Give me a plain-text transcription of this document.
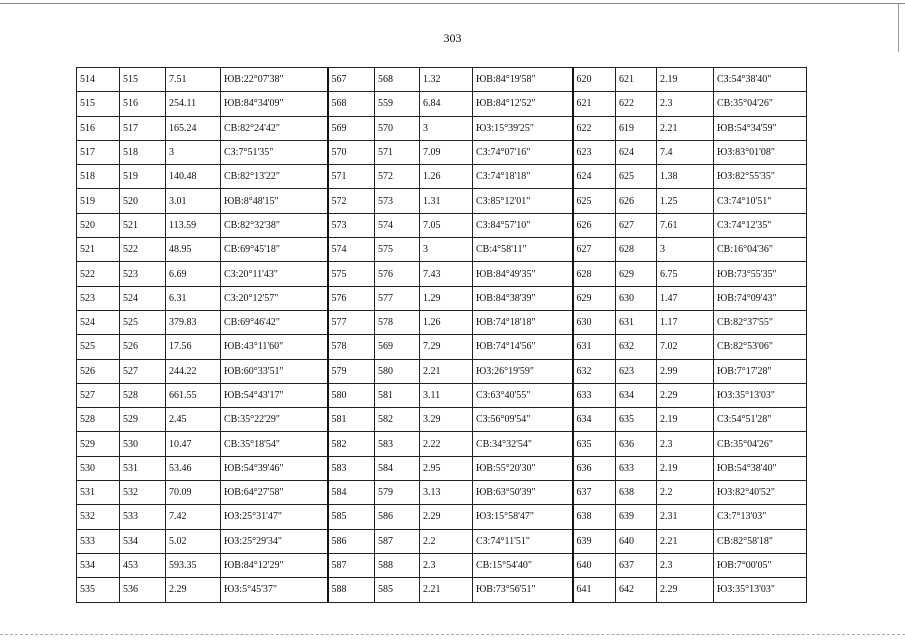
303
514	515	7.51	ЮВ:22°07'38"	567	568	1.32	ЮВ:84°19'58"	620	621	2.19	СЗ:54°38'40"
515	516	254.11	ЮВ:84°34'09"	568	559	6.84	ЮВ:84°12'52"	621	622	2.3	СВ:35°04'26"
516	517	165.24	СВ:82°24'42"	569	570	3	ЮЗ:15°39'25"	622	619	2.21	ЮВ:54°34'59"
517	518	3	СЗ:7°51'35"	570	571	7.09	СЗ:74°07'16"	623	624	7.4	ЮЗ:83°01'08"
518	519	140.48	СВ:82°13'22"	571	572	1.26	СЗ:74°18'18"	624	625	1.38	ЮЗ:82°55'35"
519	520	3.01	ЮВ:8°48'15"	572	573	1.31	СЗ:85°12'01"	625	626	1.25	СЗ:74°10'51"
520	521	113.59	СВ:82°32'38"	573	574	7.05	СЗ:84°57'10"	626	627	7.61	СЗ:74°12'35"
521	522	48.95	СВ:69°45'18"	574	575	3	СВ:4°58'11"	627	628	3	СВ:16°04'36"
522	523	6.69	СЗ:20°11'43"	575	576	7.43	ЮВ:84°49'35"	628	629	6.75	ЮВ:73°55'35"
523	524	6.31	СЗ:20°12'57"	576	577	1.29	ЮВ:84°38'39"	629	630	1.47	ЮВ:74°09'43"
524	525	379.83	СВ:69°46'42"	577	578	1.26	ЮВ:74°18'18"	630	631	1.17	СВ:82°37'55"
525	526	17.56	ЮВ:43°11'60"	578	569	7.29	ЮВ:74°14'56"	631	632	7.02	СВ:82°53'06"
526	527	244.22	ЮВ:60°33'51"	579	580	2.21	ЮЗ:26°19'59"	632	623	2.99	ЮВ:7°17'28"
527	528	661.55	ЮВ:54°43'17"	580	581	3.11	СЗ:63°40'55"	633	634	2.29	ЮЗ:35°13'03"
528	529	2.45	СВ:35°22'29"	581	582	3.29	СЗ:56°09'54"	634	635	2.19	СЗ:54°51'28"
529	530	10.47	СВ:35°18'54"	582	583	2.22	СВ:34°32'54"	635	636	2.3	СВ:35°04'26"
530	531	53.46	ЮВ:54°39'46"	583	584	2.95	ЮВ:55°20'30"	636	633	2.19	ЮВ:54°38'40"
531	532	70.09	ЮВ:64°27'58"	584	579	3.13	ЮВ:63°50'39"	637	638	2.2	ЮЗ:82°40'52"
532	533	7.42	ЮЗ:25°31'47"	585	586	2.29	ЮЗ:15°58'47"	638	639	2.31	СЗ:7°13'03"
533	534	5.02	ЮЗ:25°29'34"	586	587	2.2	СЗ:74°11'51"	639	640	2.21	СВ:82°58'18"
534	453	593.35	ЮВ:84°12'29"	587	588	2.3	СВ:15°54'40"	640	637	2.3	ЮВ:7°00'05"
535	536	2.29	ЮЗ:5°45'37"	588	585	2.21	ЮВ:73°56'51"	641	642	2.29	ЮЗ:35°13'03"
